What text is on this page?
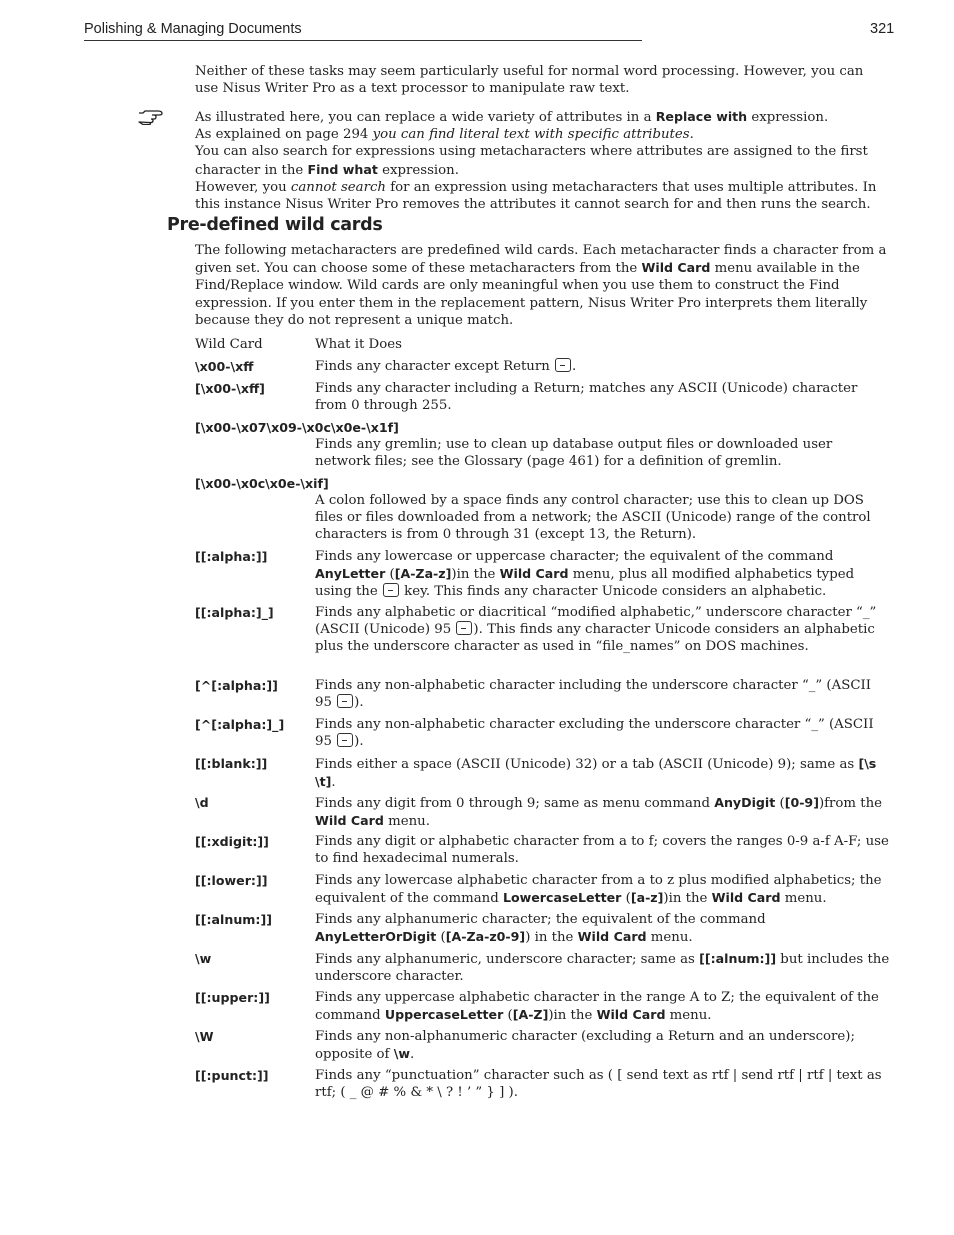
Polishing & Managing Documents	321
Neither of these tasks may seem particularly useful for normal word processing. However, you can use Nisus Writer Pro as a text processor to manipulate raw text.
As illustrated here, you can replace a wide variety of attributes in a Replace with expression.
As explained on page 294 you can find literal text with specific attributes.
You can also search for expressions using metacharacters where attributes are assigned to the first character in the Find what expression.
However, you cannot search for an expression using metacharacters that uses multiple attributes. In this instance Nisus Writer Pro removes the attributes it cannot search for and then runs the search.
Pre-defined wild cards
The following metacharacters are predefined wild cards. Each metacharacter finds a character from a given set. You can choose some of these metacharacters from the Wild Card menu available in the Find/Replace window. Wild cards are only meaningful when you use them to construct the Find expression. If you enter them in the replacement pattern, Nisus Writer Pro interprets them literally because they do not represent a unique match.
Wild Card	What it Does
\x00-\xff	Finds any character except Return .
[\x00-\xff]	Finds any character including a Return; matches any ASCII (Unicode) character from 0 through 255.
[\x00-\x07\x09-\x0c\x0e-\x1f]
Finds any gremlin; use to clean up database output files or downloaded user network files; see the Glossary (page 461) for a definition of gremlin.
[\x00-\x0c\x0e-\xif]
A colon followed by a space finds any control character; use this to clean up DOS files or files downloaded from a network; the ASCII (Unicode) range of the control characters is from 0 through 31 (except 13, the Return).
[[:alpha:]]	Finds any lowercase or uppercase character; the equivalent of the command AnyLetter ([A-Za-z])in the Wild Card menu, plus all modified alphabetics typed using the  key. This finds any character Unicode considers an alphabetic.
[[:alpha:]_]	Finds any alphabetic or diacritical “modified alphabetic,” underscore character “_” (ASCII (Unicode) 95 ). This finds any character Unicode considers an alphabetic plus the underscore character as used in “file_names” on DOS machines.
[^[:alpha:]]	Finds any non-alphabetic character including the underscore character “_” (ASCII 95 ).
[^[:alpha:]_] Finds any non-alphabetic character excluding the underscore character “_” (ASCII 95 ).
[[:blank:]]	Finds either a space (ASCII (Unicode) 32) or a tab (ASCII (Unicode) 9); same as [\s \t].
\d	Finds any digit from 0 through 9; same as menu command AnyDigit ([0-9])from the Wild Card menu.
[[:xdigit:]]	Finds any digit or alphabetic character from a to f; covers the ranges 0-9 a-f A-F; use to find hexadecimal numerals.
[[:lower:]]	Finds any lowercase alphabetic character from a to z plus modified alphabetics; the equivalent of the command LowercaseLetter ([a-z])in the Wild Card menu.
[[:alnum:]]	Finds any alphanumeric character; the equivalent of the command AnyLetterOrDigit ([A-Za-z0-9]) in the Wild Card menu.
\w	Finds any alphanumeric, underscore character; same as [[:alnum:]] but includes the underscore character.
[[:upper:]]	Finds any uppercase alphabetic character in the range A to Z; the equivalent of the command UppercaseLetter ([A-Z])in the Wild Card menu.
\W	Finds any non-alphanumeric character (excluding a Return and an underscore); opposite of \w.
[[:punct:]]	Finds any “punctuation” character such as ( [ send text as rtf | send rtf | rtf | text as rtf; ( _ @ # % & * \ ? ! ’ ” } ] ).
